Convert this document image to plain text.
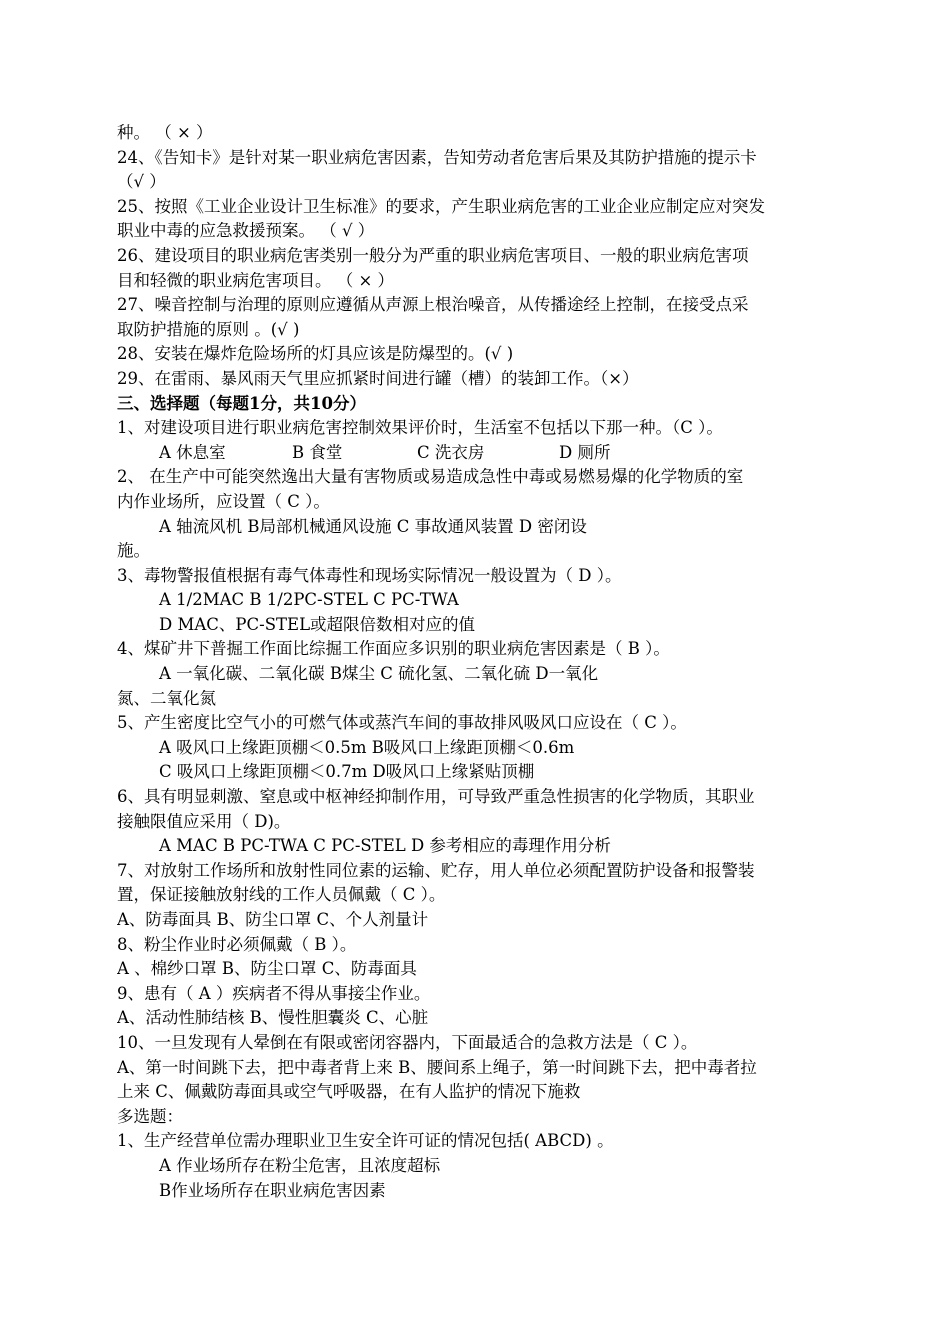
种。 （ × ）
24、《告知卡》是针对某一职业病危害因素，告知劳动者危害后果及其防护措施的提示卡
（√ ）
25、按照《工业企业设计卫生标准》的要求，产生职业病危害的工业企业应制定应对突发
职业中毒的应急救援预案。 （ √ ）
26、建设项目的职业病危害类别一般分为严重的职业病危害项目、一般的职业病危害项
目和轻微的职业病危害项目。 （ × ）
27、噪音控制与治理的原则应遵循从声源上根治噪音，从传播途经上控制，在接受点采
取防护措施的原则 。(√ )
28、安装在爆炸危险场所的灯具应该是防爆型的。(√ )
29、在雷雨、暴风雨天气里应抓紧时间进行罐（槽）的装卸工作。（×）
三、选择题（每题1分，共10分）
1、对建设项目进行职业病危害控制效果评价时，生活室不包括以下那一种。（C ）。
A 休息室	B 食堂	C 洗衣房	D 厕所
2、 在生产中可能突然逸出大量有害物质或易造成急性中毒或易燃易爆的化学物质的室
内作业场所，应设置（ C ）。
A 轴流风机 B局部机械通风设施 C 事故通风装置 D 密闭设
施。
3、毒物警报值根据有毒气体毒性和现场实际情况一般设置为（ D ）。
A 1/2MAC B 1/2PC-STEL C PC-TWA
D MAC、PC-STEL或超限倍数相对应的值
4、煤矿井下普掘工作面比综掘工作面应多识别的职业病危害因素是（ B ）。
A 一氧化碳、二氧化碳 B煤尘 C 硫化氢、二氧化硫 D一氧化
氮、二氧化氮
5、产生密度比空气小的可燃气体或蒸汽车间的事故排风吸风口应设在（ C ）。
A 吸风口上缘距顶棚＜0.5m B吸风口上缘距顶棚＜0.6m
C 吸风口上缘距顶棚＜0.7m D吸风口上缘紧贴顶棚
6、具有明显刺激、窒息或中枢神经抑制作用，可导致严重急性损害的化学物质，其职业
接触限值应采用（ D)。
A MAC B PC-TWA C PC-STEL D 参考相应的毒理作用分析
7、对放射工作场所和放射性同位素的运输、贮存，用人单位必须配置防护设备和报警装
置，保证接触放射线的工作人员佩戴（ C ）。
A、防毒面具 B、防尘口罩 C、个人剂量计
8、粉尘作业时必须佩戴（ B ）。
A 、棉纱口罩 B、防尘口罩 C、防毒面具
9、患有（ A ）疾病者不得从事接尘作业。
A、活动性肺结核 B、慢性胆囊炎 C、心脏
10、一旦发现有人晕倒在有限或密闭容器内，下面最适合的急救方法是（ C ）。
A、第一时间跳下去，把中毒者背上来 B、腰间系上绳子，第一时间跳下去，把中毒者拉
上来 C、佩戴防毒面具或空气呼吸器，在有人监护的情况下施救
多选题：
1、生产经营单位需办理职业卫生安全许可证的情况包括( ABCD) 。
A 作业场所存在粉尘危害，且浓度超标
B作业场所存在职业病危害因素
